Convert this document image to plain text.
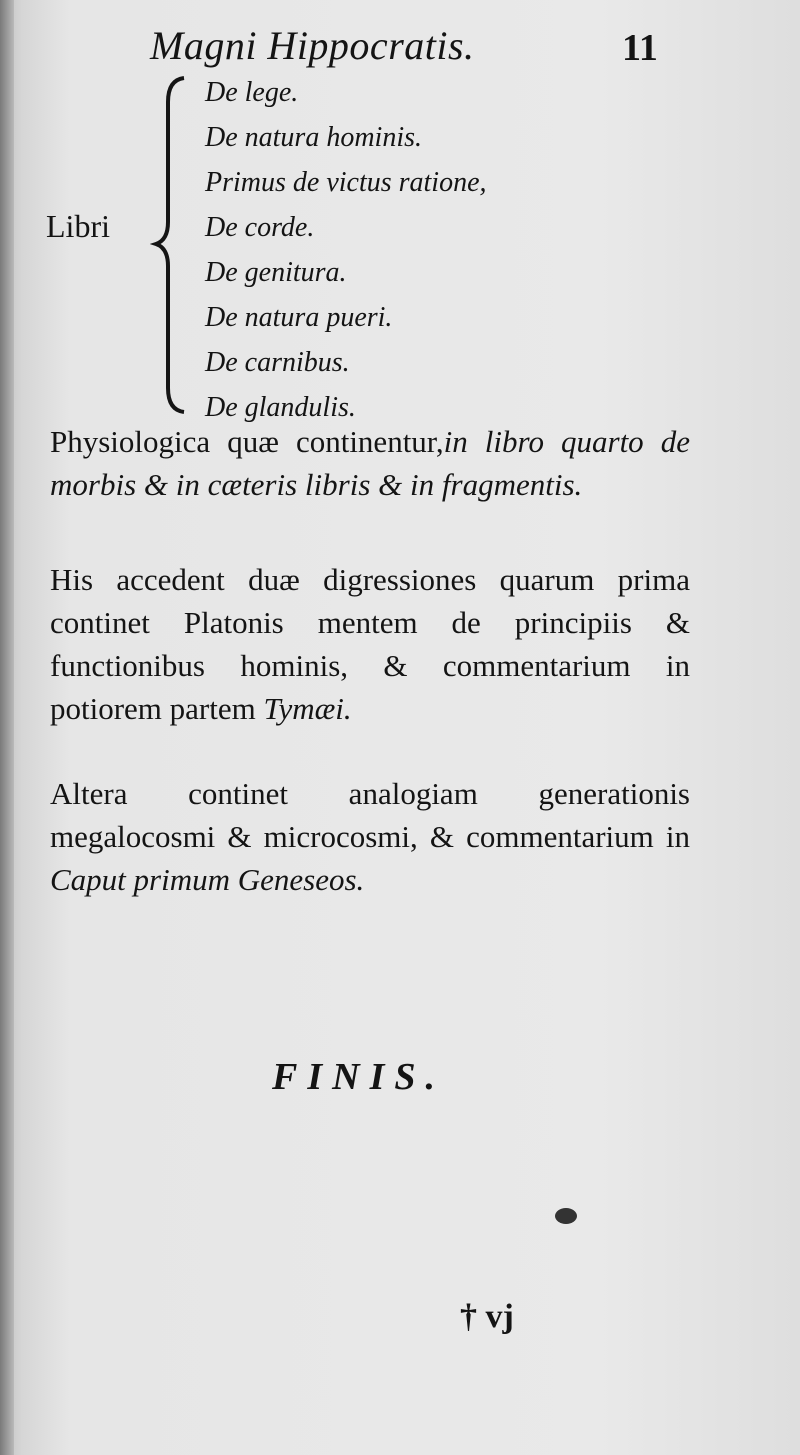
Magni Hippocratis.	11
Libri
De lege.
De natura hominis.
Primus de victus ratione,
De corde.
De genitura.
De natura pueri.
De carnibus.
De glandulis.

Physiologica quæ continentur,in libro quarto de morbis & in cæteris libris & in fragmentis.

His accedent duæ digressiones quarum prima continet Platonis mentem de principiis & functionibus hominis, & commentarium in potiorem partem Tymæi.

Altera continet analogiam generationis megalocosmi & microcosmi, & commentarium in Caput primum Geneseos.

FINIS.
† vj
